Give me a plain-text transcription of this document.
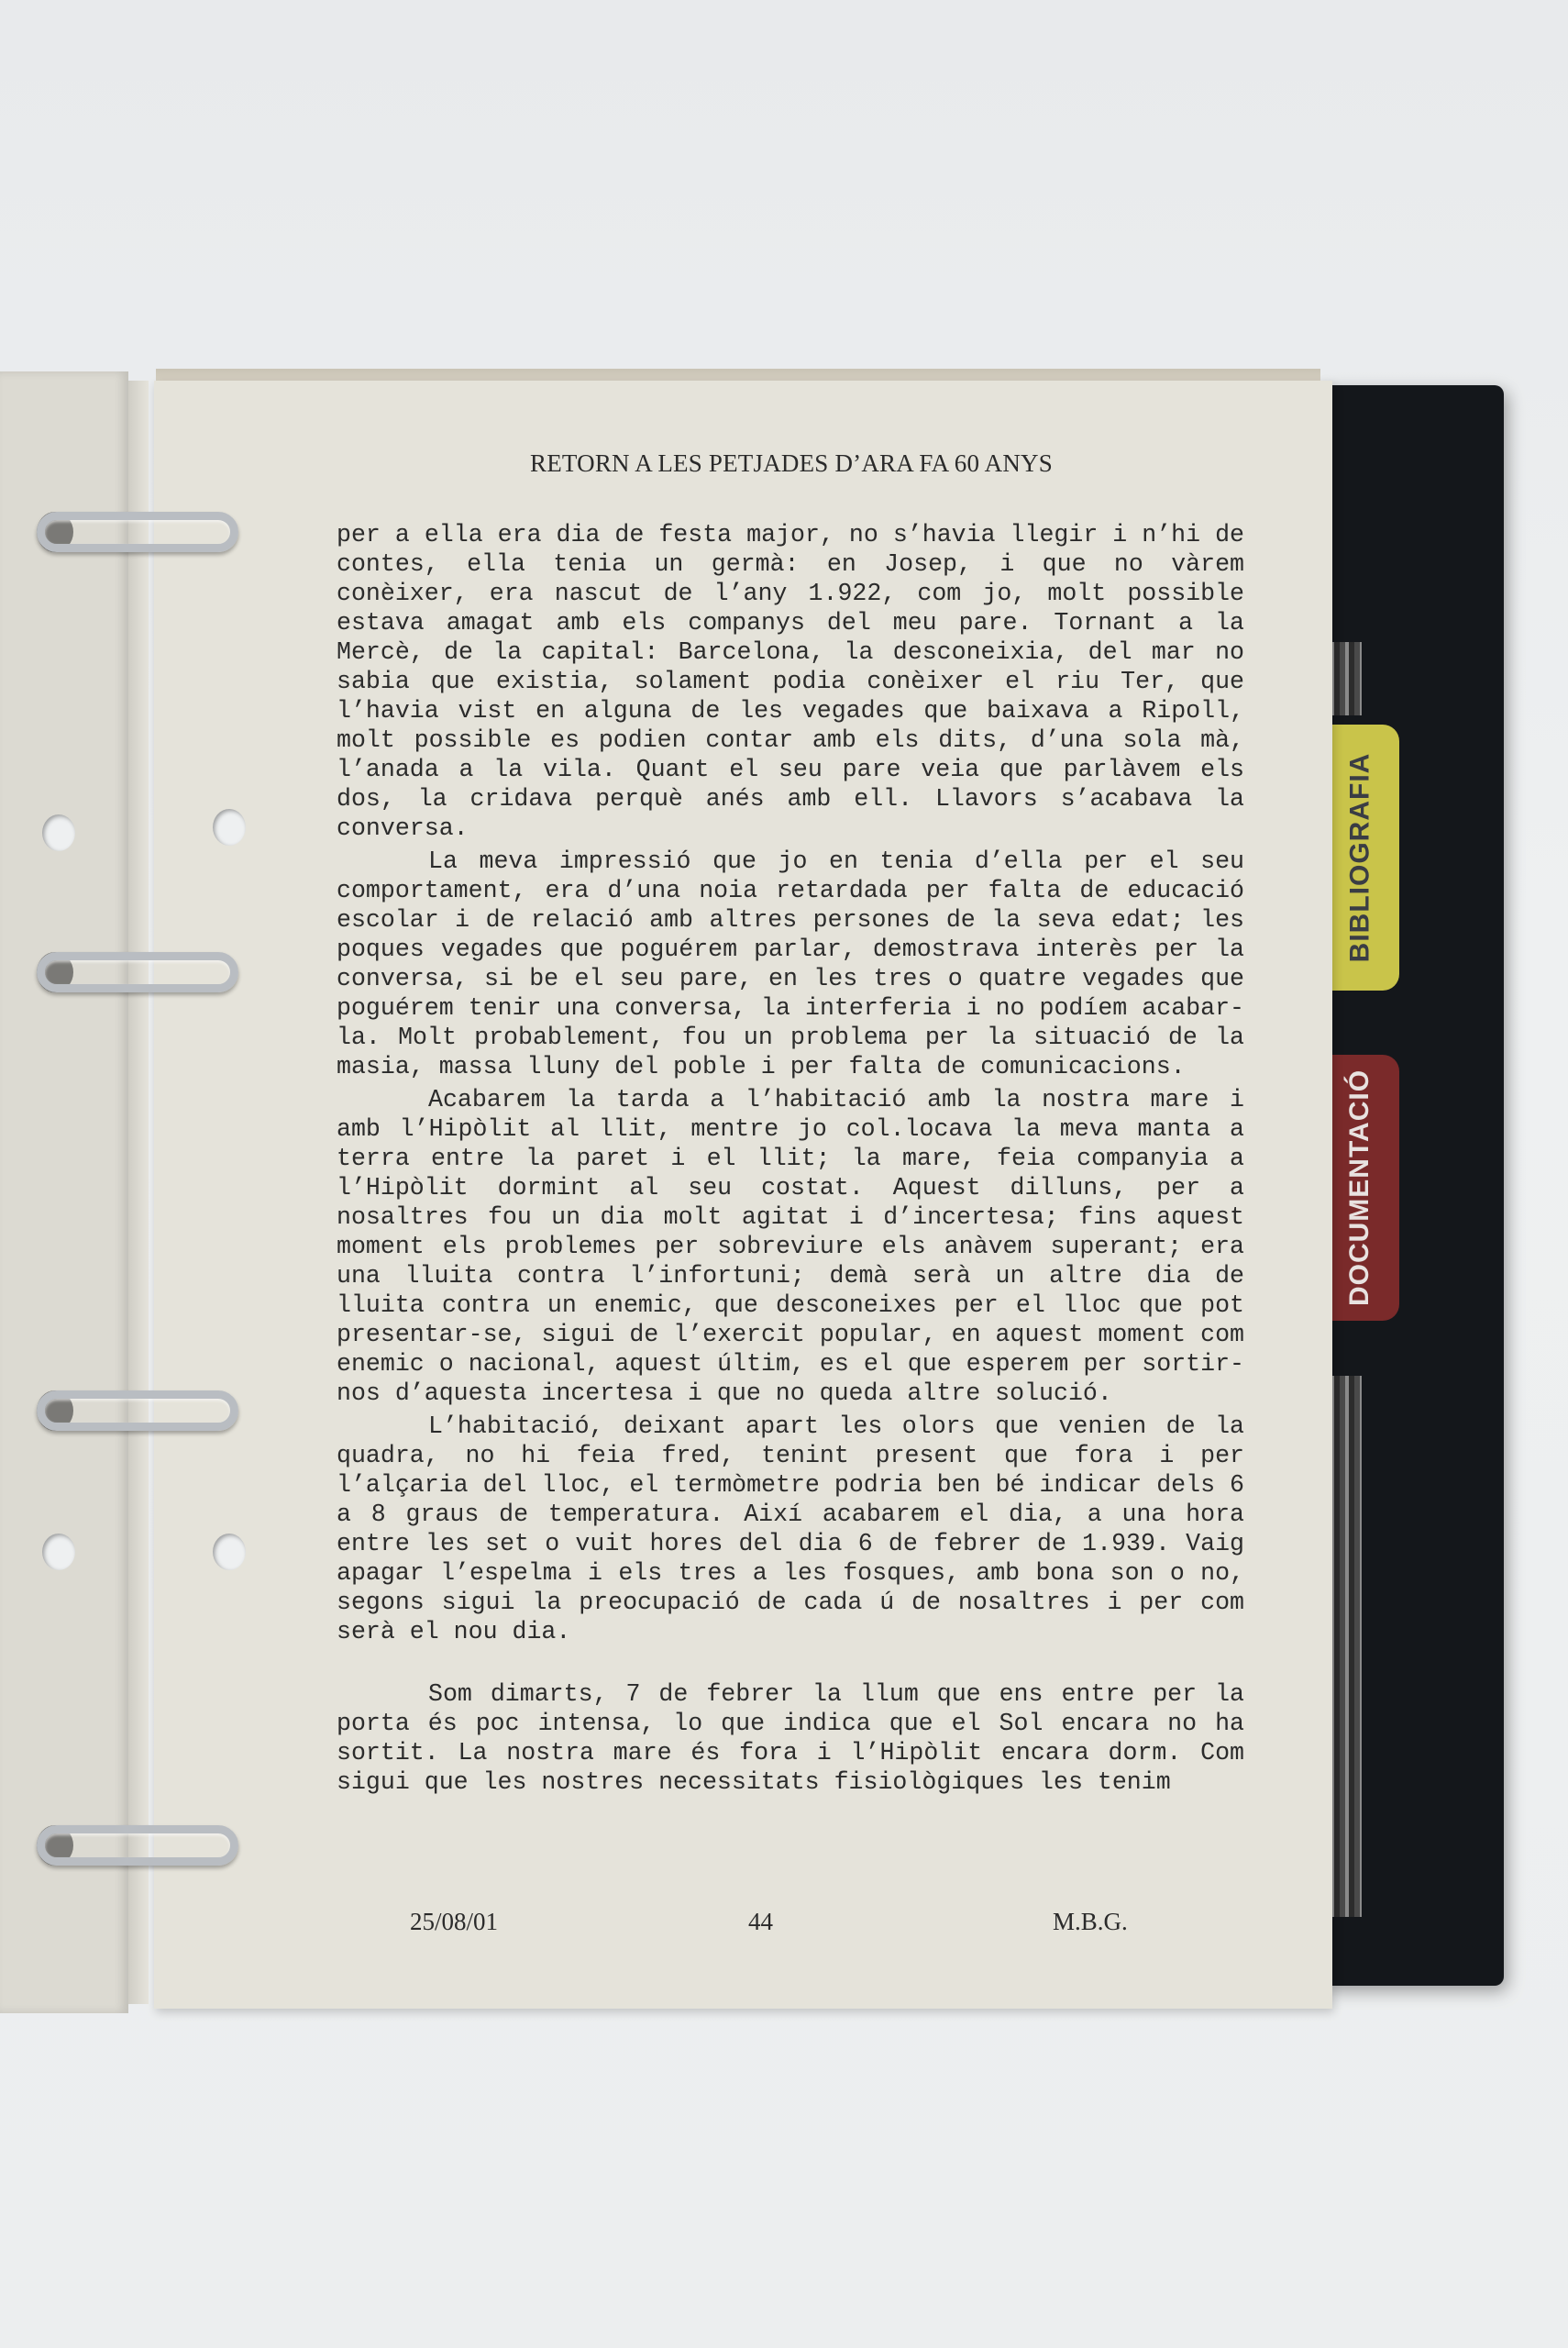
BIBLIOGRAFIA
DOCUMENTACIÓ
RETORN A LES PETJADES D’ARA FA 60 ANYS

per a ella era dia de festa major, no s’havia llegir i n’hi de contes, ella tenia un germà: en Josep, i que no vàrem conèixer, era nascut de l’any 1.922, com jo, molt possible estava amagat amb els companys del meu pare. Tornant a la Mercè, de la capital: Barcelona, la desconeixia, del mar no sabia que existia, solament podia conèixer el riu Ter, que l’havia vist en alguna de les vegades que baixava a Ripoll, molt possible es podien contar amb els dits, d’una sola mà, l’anada a la vila. Quant el seu pare veia que parlàvem els dos, la cridava perquè anés amb ell. Llavors s’acabava la conversa.

La meva impressió que jo en tenia d’ella per el seu comportament, era d’una noia retardada per falta de educació escolar i de relació amb altres persones de la seva edat; les poques vegades que poguérem parlar, demostrava interès per la conversa, si be el seu pare, en les tres o quatre vegades que poguérem tenir una conversa, la interferia i no podíem acabar-la. Molt probablement, fou un problema per la situació de la masia, massa lluny del poble i per falta de comunicacions.

Acabarem la tarda a l’habitació amb la nostra mare i amb l’Hipòlit al llit, mentre jo col.locava la meva manta a terra entre la paret i el llit; la mare, feia companyia a l’Hipòlit dormint al seu costat. Aquest dilluns, per a nosaltres fou un dia molt agitat i d’incertesa; fins aquest moment els problemes per sobreviure els anàvem superant; era una lluita contra l’infortuni; demà serà un altre dia de lluita contra un enemic, que desconeixes per el lloc que pot presentar-se, sigui de l’exercit popular, en aquest moment com enemic o nacional, aquest últim, es el que esperem per sortir-nos d’aquesta incertesa i que no queda altre solució.

L’habitació, deixant apart les olors que venien de la quadra, no hi feia fred, tenint present que fora i per l’alçaria del lloc, el termòmetre podria ben bé indicar dels 6 a 8 graus de temperatura. Així acabarem el dia, a una hora entre les set o vuit hores del dia 6 de febrer de 1.939. Vaig apagar l’espelma i els tres a les fosques, amb bona son o no, segons sigui la preocupació de cada ú de nosaltres i per com serà el nou dia.

Som dimarts, 7 de febrer la llum que ens entre per la porta és poc intensa, lo que indica que el Sol encara no ha sortit. La nostra mare és fora i l’Hipòlit encara dorm. Com sigui que les nostres necessitats fisiològiques les tenim

25/08/01	44	M.B.G.
